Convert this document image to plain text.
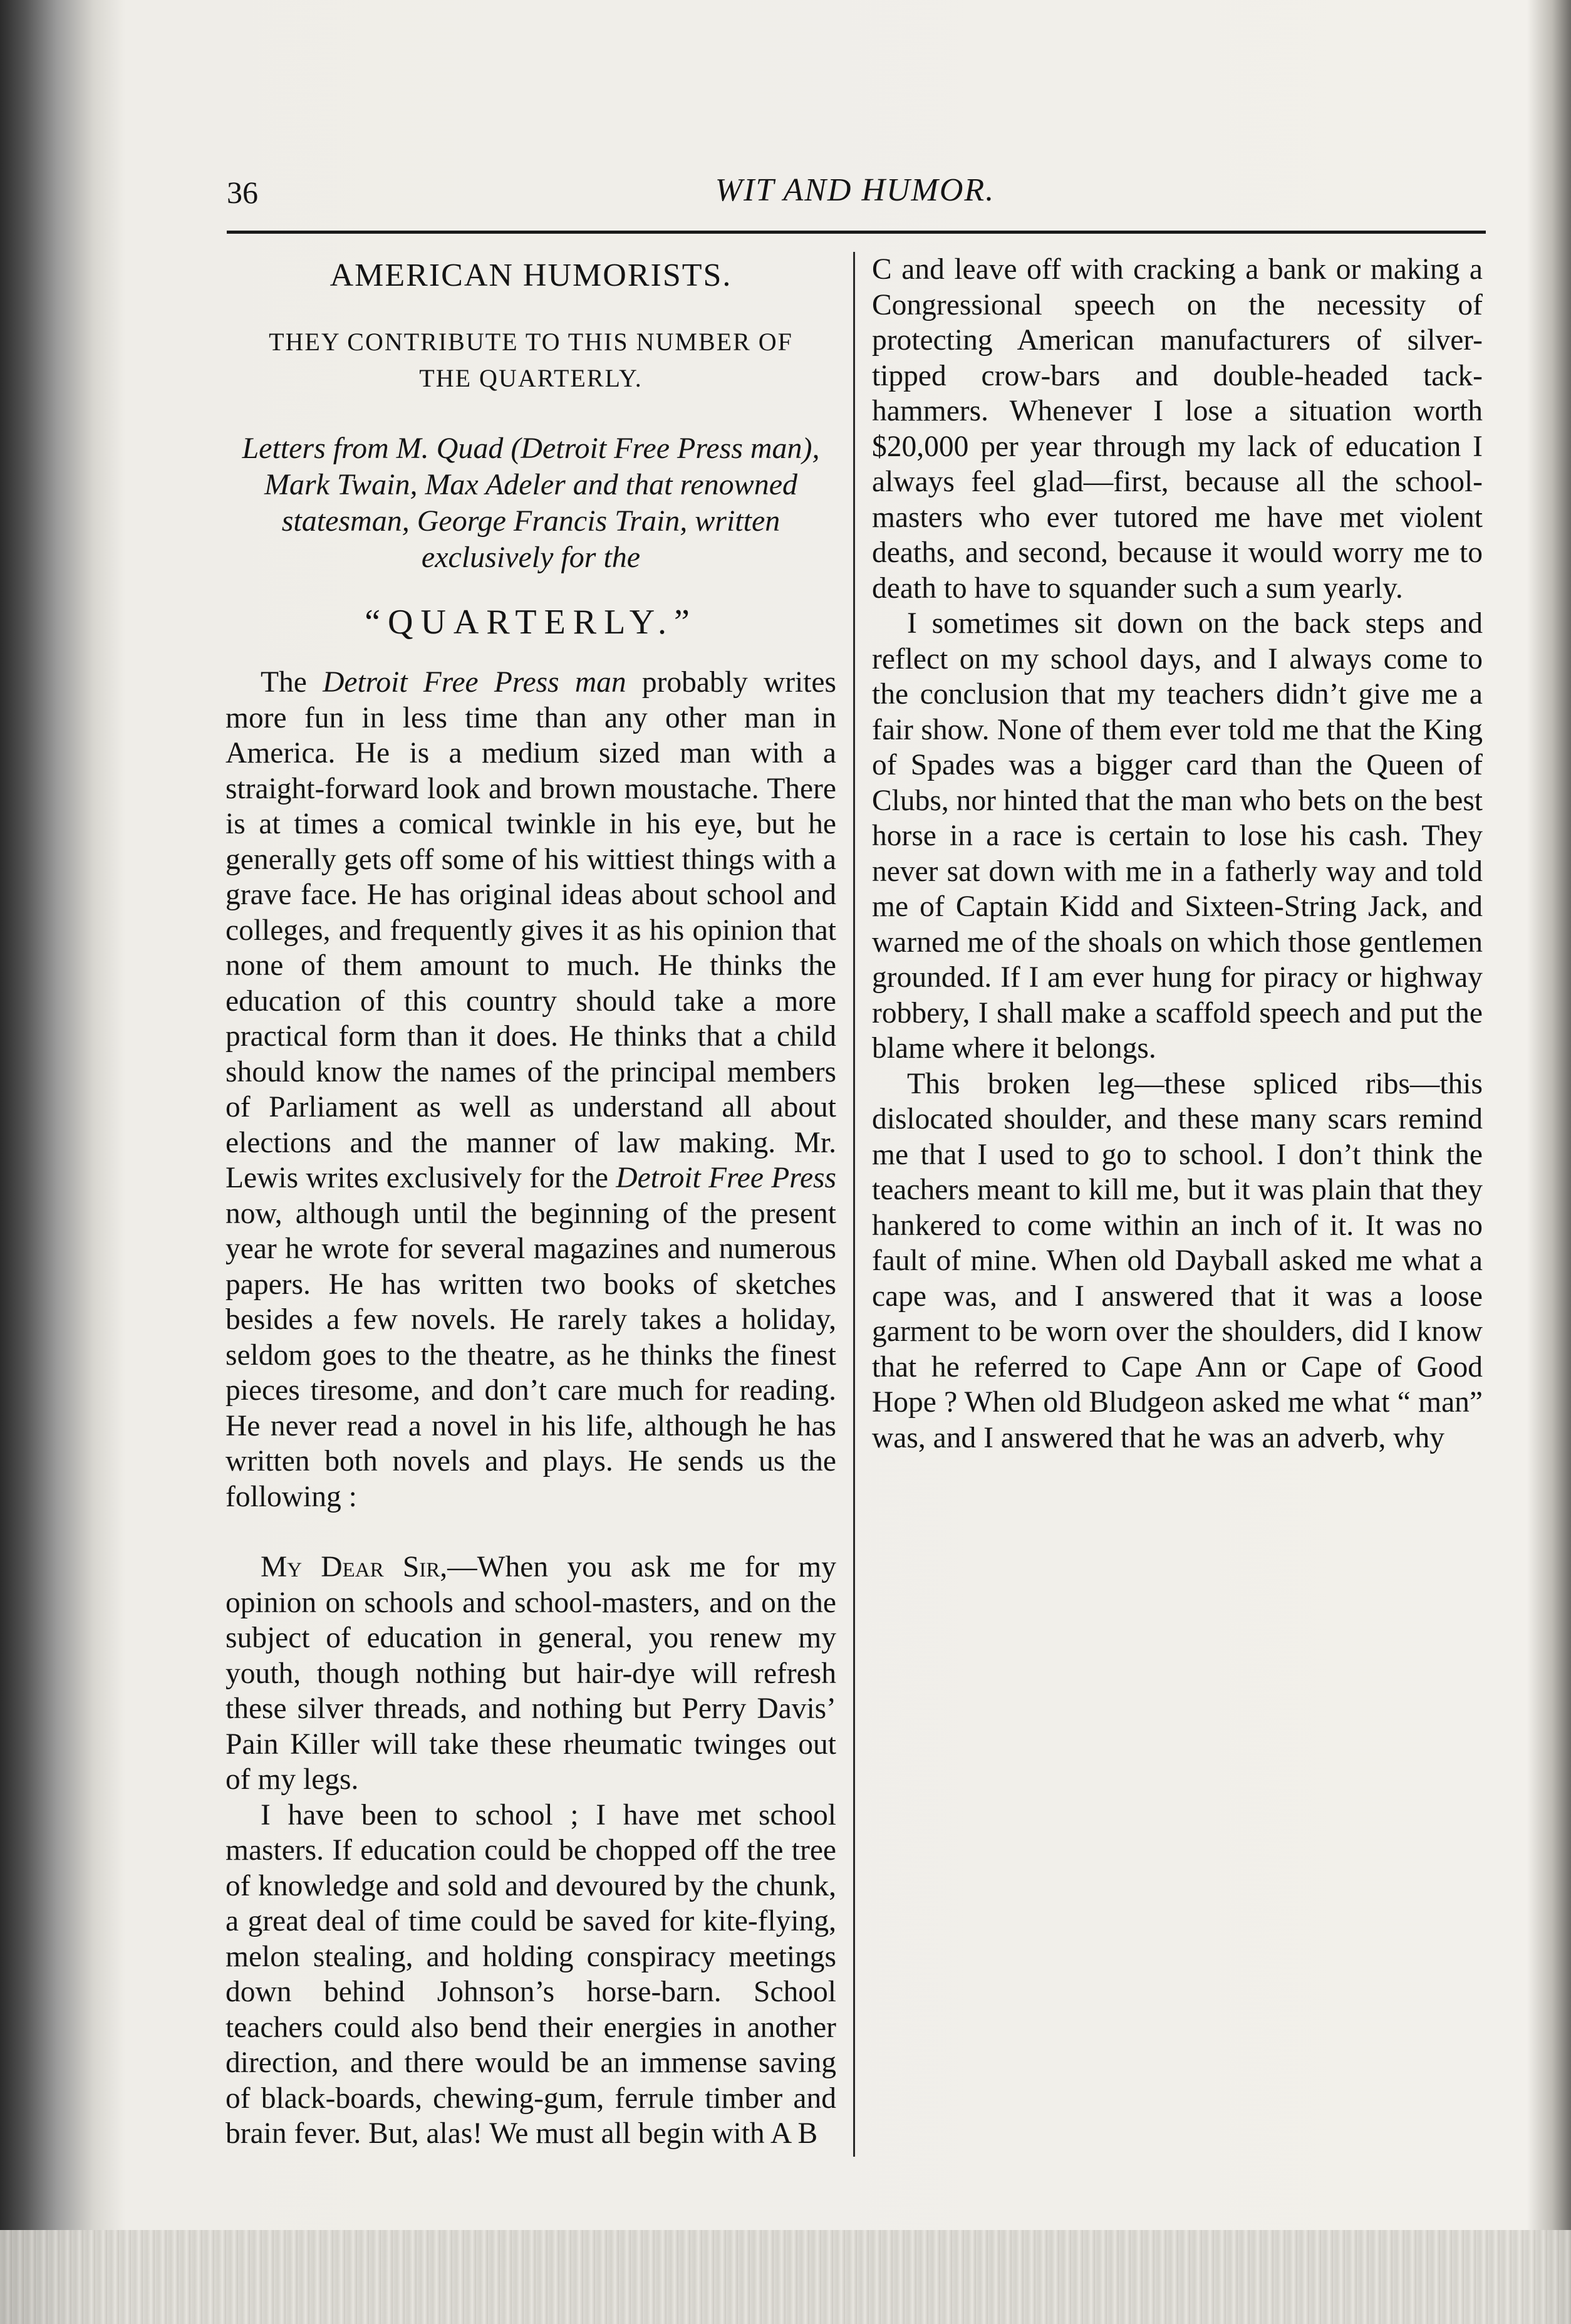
36	WIT AND HUMOR.

AMERICAN HUMORISTS.

THEY CONTRIBUTE TO THIS NUMBER OF THE QUARTERLY.

Letters from M. Quad (Detroit Free Press man), Mark Twain, Max Adeler and that renowned statesman, George Francis Train, written exclusively for the

“QUARTERLY.”

The Detroit Free Press man probably writes more fun in less time than any other man in America. He is a medium sized man with a straight-forward look and brown moustache. There is at times a comical twinkle in his eye, but he generally gets off some of his wittiest things with a grave face. He has original ideas about school and colleges, and frequently gives it as his opinion that none of them amount to much. He thinks the education of this country should take a more practical form than it does. He thinks that a child should know the names of the principal members of Parliament as well as understand all about elections and the manner of law making. Mr. Lewis writes exclusively for the Detroit Free Press now, although until the beginning of the present year he wrote for several magazines and numerous papers. He has written two books of sketches besides a few novels. He rarely takes a holiday, seldom goes to the theatre, as he thinks the finest pieces tiresome, and don’t care much for reading. He never read a novel in his life, although he has written both novels and plays. He sends us the following :

My Dear Sir,—When you ask me for my opinion on schools and school-masters, and on the subject of education in general, you renew my youth, though nothing but hair-dye will refresh these silver threads, and nothing but Perry Davis’ Pain Killer will take these rheumatic twinges out of my legs.

I have been to school ; I have met school masters. If education could be chopped off the tree of knowledge and sold and devoured by the chunk, a great deal of time could be saved for kite-flying, melon stealing, and holding conspiracy meetings down behind Johnson’s horse-barn. School teachers could also bend their energies in another direction, and there would be an immense saving of black-boards, chewing-gum, ferrule timber and brain fever. But, alas! We must all begin with A B

C and leave off with cracking a bank or making a Congressional speech on the necessity of protecting American manufacturers of silver-tipped crow-bars and double-headed tack-hammers. Whenever I lose a situation worth $20,000 per year through my lack of education I always feel glad—first, because all the school-masters who ever tutored me have met violent deaths, and second, because it would worry me to death to have to squander such a sum yearly.

I sometimes sit down on the back steps and reflect on my school days, and I always come to the conclusion that my teachers didn’t give me a fair show. None of them ever told me that the King of Spades was a bigger card than the Queen of Clubs, nor hinted that the man who bets on the best horse in a race is certain to lose his cash. They never sat down with me in a fatherly way and told me of Captain Kidd and Sixteen-String Jack, and warned me of the shoals on which those gentlemen grounded. If I am ever hung for piracy or highway robbery, I shall make a scaffold speech and put the blame where it belongs.

This broken leg—these spliced ribs—this dislocated shoulder, and these many scars remind me that I used to go to school. I don’t think the teachers meant to kill me, but it was plain that they hankered to come within an inch of it. It was no fault of mine. When old Dayball asked me what a cape was, and I answered that it was a loose garment to be worn over the shoulders, did I know that he referred to Cape Ann or Cape of Good Hope ? When old Bludgeon asked me what “ man” was, and I answered that he was an adverb, why
